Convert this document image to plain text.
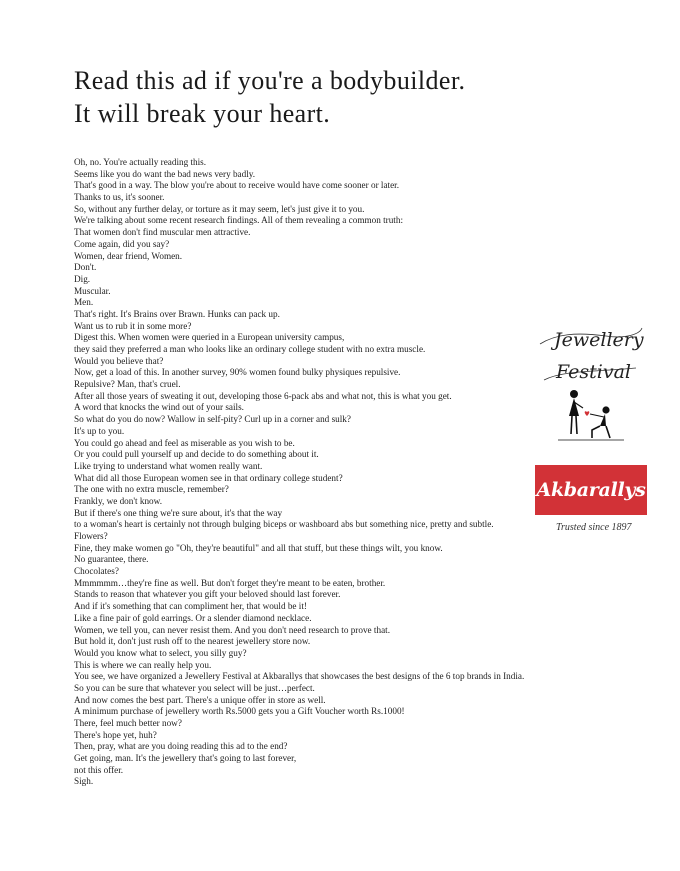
Read this ad if you're a bodybuilder.
It will break your heart.
Oh, no. You're actually reading this.
Seems like you do want the bad news very badly.
That's good in a way. The blow you're about to receive would have come sooner or later.
Thanks to us, it's sooner.
So, without any further delay, or torture as it may seem, let's just give it to you.
We're talking about some recent research findings. All of them revealing a common truth:
That women don't find muscular men attractive.
Come again, did you say?
Women, dear friend, Women.
Don't.
Dig.
Muscular.
Men.
That's right. It's Brains over Brawn. Hunks can pack up.
Want us to rub it in some more?
Digest this. When women were queried in a European university campus,
they said they preferred a man who looks like an ordinary college student with no extra muscle.
Would you believe that?
Now, get a load of this. In another survey, 90% women found bulky physiques repulsive.
Repulsive? Man, that's cruel.
After all those years of sweating it out, developing those 6-pack abs and what not, this is what you get.
A word that knocks the wind out of your sails.
So what do you do now? Wallow in self-pity? Curl up in a corner and sulk?
It's up to you.
You could go ahead and feel as miserable as you wish to be.
Or you could pull yourself up and decide to do something about it.
Like trying to understand what women really want.
What did all those European women see in that ordinary college student?
The one with no extra muscle, remember?
Frankly, we don't know.
But if there's one thing we're sure about, it's that the way
to a woman's heart is certainly not through bulging biceps or washboard abs but something nice, pretty and subtle.
Flowers?
Fine, they make women go "Oh, they're beautiful" and all that stuff, but these things wilt, you know.
No guarantee, there.
Chocolates?
Mmmmmm…they're fine as well. But don't forget they're meant to be eaten, brother.
Stands to reason that whatever you gift your beloved should last forever.
And if it's something that can compliment her, that would be it!
Like a fine pair of gold earrings. Or a slender diamond necklace.
Women, we tell you, can never resist them. And you don't need research to prove that.
But hold it, don't just rush off to the nearest jewellery store now.
Would you know what to select, you silly guy?
This is where we can really help you.
You see, we have organized a Jewellery Festival at Akbarallys that showcases the best designs of the 6 top brands in India.
So you can be sure that whatever you select will be just…perfect.
And now comes the best part. There's a unique offer in store as well.
A minimum purchase of jewellery worth Rs.5000 gets you a Gift Voucher worth Rs.1000!
There, feel much better now?
There's hope yet, huh?
Then, pray, what are you doing reading this ad to the end?
Get going, man. It's the jewellery that's going to last forever,
not this offer.
Sigh.
Jewellery
Festival
Akbarallys
Trusted since 1897
